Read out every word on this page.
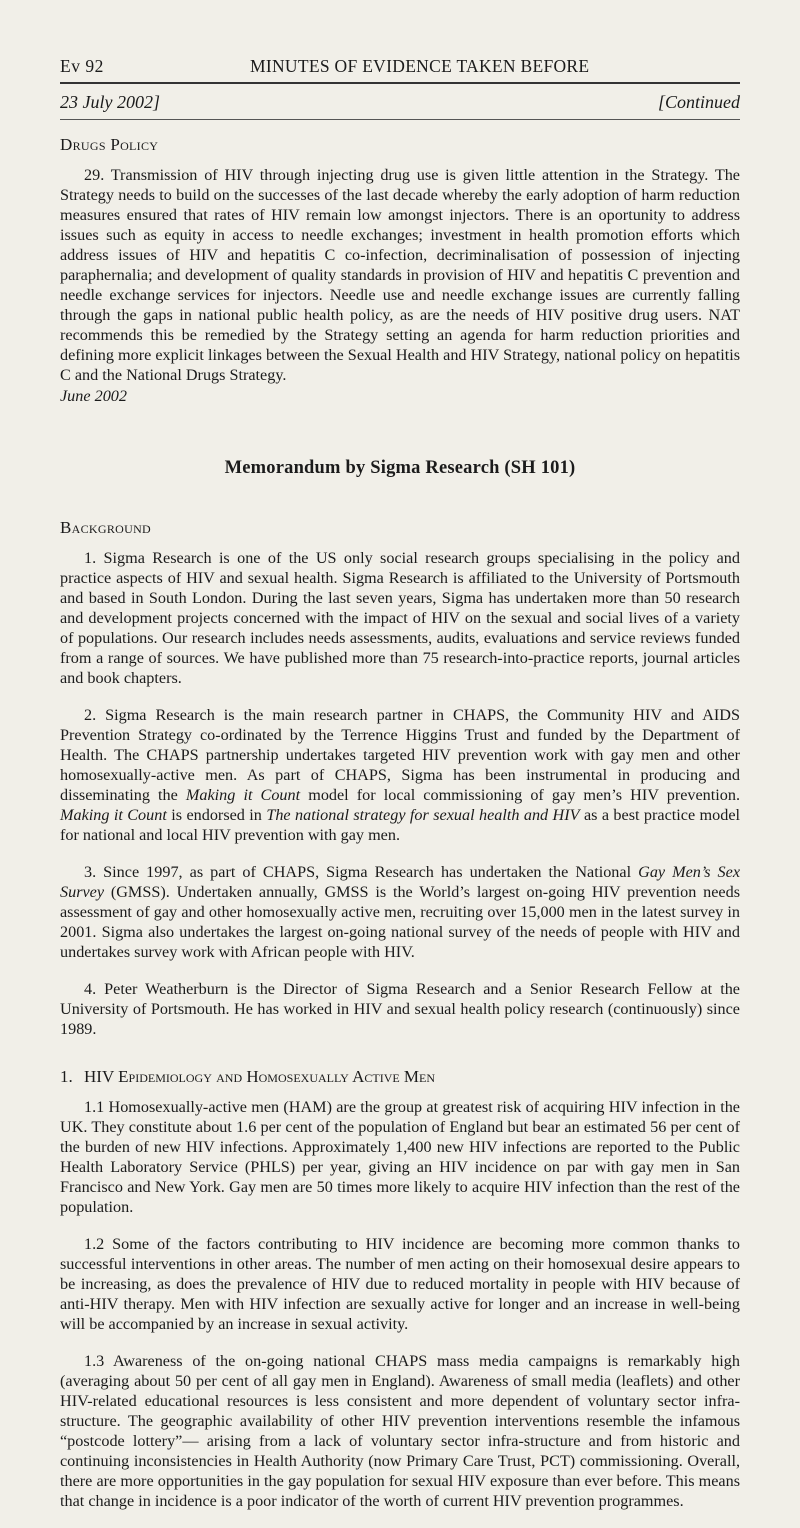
Ev 92	MINUTES OF EVIDENCE TAKEN BEFORE
23 July 2002]	[Continued
Drugs Policy

29. Transmission of HIV through injecting drug use is given little attention in the Strategy. The Strategy needs to build on the successes of the last decade whereby the early adoption of harm reduction measures ensured that rates of HIV remain low amongst injectors. There is an oportunity to address issues such as equity in access to needle exchanges; investment in health promotion efforts which address issues of HIV and hepatitis C co-infection, decriminalisation of possession of injecting paraphernalia; and development of quality standards in provision of HIV and hepatitis C prevention and needle exchange services for injectors. Needle use and needle exchange issues are currently falling through the gaps in national public health policy, as are the needs of HIV positive drug users. NAT recommends this be remedied by the Strategy setting an agenda for harm reduction priorities and defining more explicit linkages between the Sexual Health and HIV Strategy, national policy on hepatitis C and the National Drugs Strategy.

June 2002
Memorandum by Sigma Research (SH 101)
Background

1. Sigma Research is one of the US only social research groups specialising in the policy and practice aspects of HIV and sexual health. Sigma Research is affiliated to the University of Portsmouth and based in South London. During the last seven years, Sigma has undertaken more than 50 research and development projects concerned with the impact of HIV on the sexual and social lives of a variety of populations. Our research includes needs assessments, audits, evaluations and service reviews funded from a range of sources. We have published more than 75 research-into-practice reports, journal articles and book chapters.

2. Sigma Research is the main research partner in CHAPS, the Community HIV and AIDS Prevention Strategy co-ordinated by the Terrence Higgins Trust and funded by the Department of Health. The CHAPS partnership undertakes targeted HIV prevention work with gay men and other homosexually-active men. As part of CHAPS, Sigma has been instrumental in producing and disseminating the Making it Count model for local commissioning of gay men’s HIV prevention. Making it Count is endorsed in The national strategy for sexual health and HIV as a best practice model for national and local HIV prevention with gay men.

3. Since 1997, as part of CHAPS, Sigma Research has undertaken the National Gay Men’s Sex Survey (GMSS). Undertaken annually, GMSS is the World’s largest on-going HIV prevention needs assessment of gay and other homosexually active men, recruiting over 15,000 men in the latest survey in 2001. Sigma also undertakes the largest on-going national survey of the needs of people with HIV and undertakes survey work with African people with HIV.

4. Peter Weatherburn is the Director of Sigma Research and a Senior Research Fellow at the University of Portsmouth. He has worked in HIV and sexual health policy research (continuously) since 1989.

1. HIV Epidemiology and Homosexually Active Men

1.1 Homosexually-active men (HAM) are the group at greatest risk of acquiring HIV infection in the UK. They constitute about 1.6 per cent of the population of England but bear an estimated 56 per cent of the burden of new HIV infections. Approximately 1,400 new HIV infections are reported to the Public Health Laboratory Service (PHLS) per year, giving an HIV incidence on par with gay men in San Francisco and New York. Gay men are 50 times more likely to acquire HIV infection than the rest of the population.

1.2 Some of the factors contributing to HIV incidence are becoming more common thanks to successful interventions in other areas. The number of men acting on their homosexual desire appears to be increasing, as does the prevalence of HIV due to reduced mortality in people with HIV because of anti-HIV therapy. Men with HIV infection are sexually active for longer and an increase in well-being will be accompanied by an increase in sexual activity.

1.3 Awareness of the on-going national CHAPS mass media campaigns is remarkably high (averaging about 50 per cent of all gay men in England). Awareness of small media (leaflets) and other HIV-related educational resources is less consistent and more dependent of voluntary sector infra-structure. The geographic availability of other HIV prevention interventions resemble the infamous “postcode lottery”— arising from a lack of voluntary sector infra-structure and from historic and continuing inconsistencies in Health Authority (now Primary Care Trust, PCT) commissioning. Overall, there are more opportunities in the gay population for sexual HIV exposure than ever before. This means that change in incidence is a poor indicator of the worth of current HIV prevention programmes.
